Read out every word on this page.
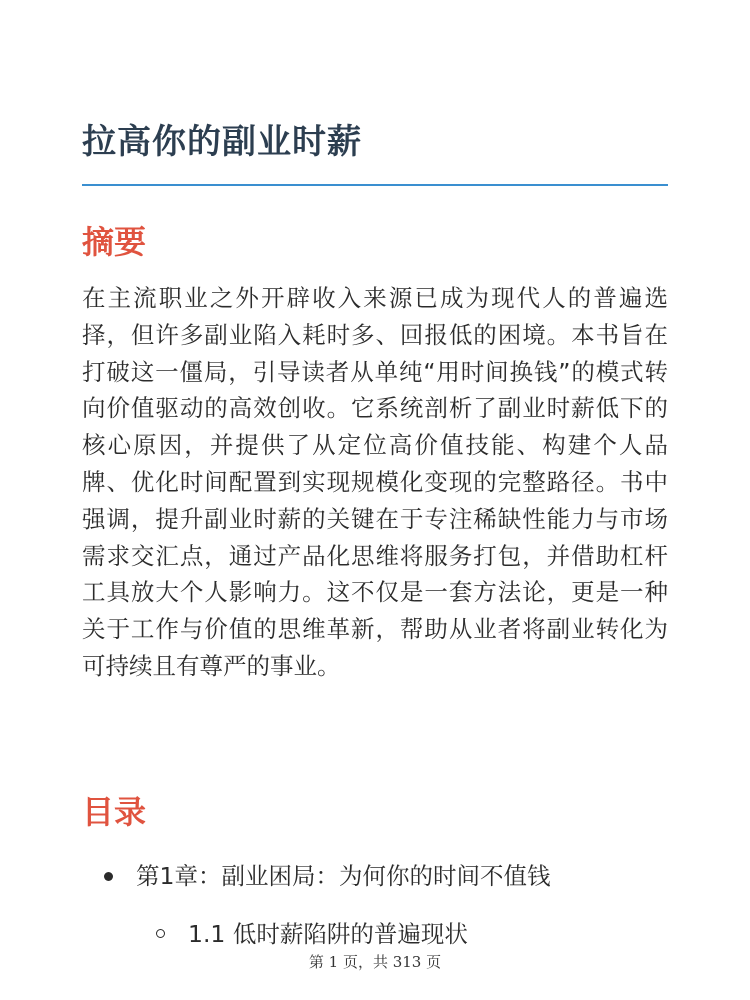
拉高你的副业时薪
摘要

在主流职业之外开辟收入来源已成为现代人的普遍选择，但许多副业陷入耗时多、回报低的困境。本书旨在打破这一僵局，引导读者从单纯“用时间换钱”的模式转向价值驱动的高效创收。它系统剖析了副业时薪低下的核心原因，并提供了从定位高价值技能、构建个人品牌、优化时间配置到实现规模化变现的完整路径。书中强调，提升副业时薪的关键在于专注稀缺性能力与市场需求交汇点，通过产品化思维将服务打包，并借助杠杆工具放大个人影响力。这不仅是一套方法论，更是一种关于工作与价值的思维革新，帮助从业者将副业转化为可持续且有尊严的事业。

目录
第1章：副业困局：为何你的时间不值钱
1.1 低时薪陷阱的普遍现状
第 1 页，共 313 页
